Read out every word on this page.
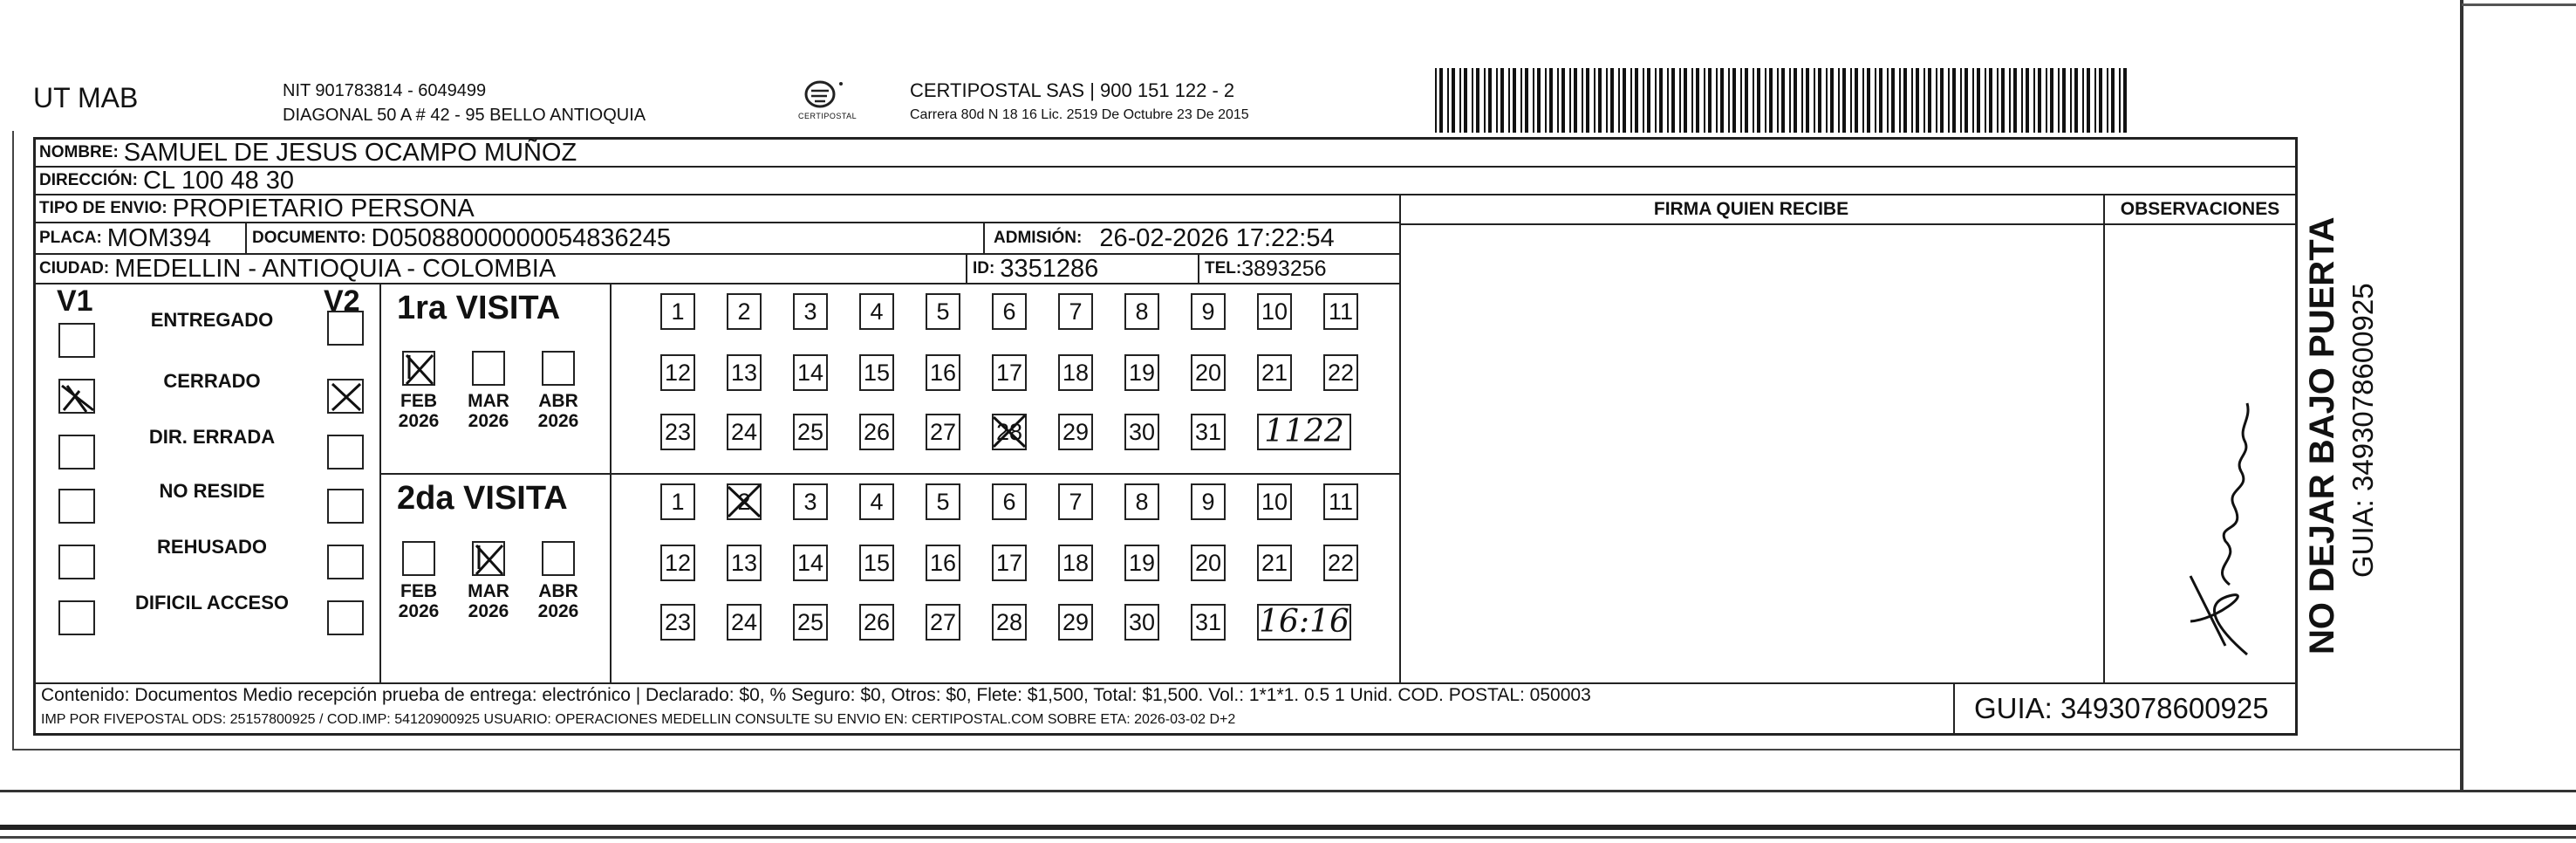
UT MAB	NIT 901783814 - 6049499
DIAGONAL 50 A # 42 - 95 BELLO ANTIOQUIA	CERTIPOSTAL
CERTIPOSTAL SAS | 900 151 122 - 2
Carrera 80d N 18 16 Lic. 2519 De Octubre 23 De 2015
NOMBRE: SAMUEL DE JESUS OCAMPO MUÑOZ
DIRECCIÓN: CL 100 48 30
TIPO DE ENVIO: PROPIETARIO PERSONA
PLACA: MOM394 DOCUMENTO: D05088000000054836245	ADMISIÓN: 26-02-2026 17:22:54
CIUDAD: MEDELLIN - ANTIOQUIA - COLOMBIA	ID: 3351286	TEL: 3893256
FIRMA QUIEN RECIBE	OBSERVACIONES
V1	V2
ENTREGADO
CERRADO
DIR. ERRADA
NO RESIDE
REHUSADO
DIFICIL ACCESO
1ra VISITA
FEB
2026
MAR
2026
ABR
2026
1	2	3	4	5	6	7	8	9	10 11
12 13 14 15 16 17 18 19 20 21 22
23 24 25 26 27 28 29 30 31 1122
2da VISITA
FEB
2026
MAR
2026
ABR
2026
1	2	3	4	5	6	7	8	9	10 11
12 13 14 15 16 17 18 19 20 21 22
23 24 25 26 27 28 29 30 31 16:16
Contenido: Documentos Medio recepción prueba de entrega: electrónico | Declarado: $0, % Seguro: $0, Otros: $0, Flete: $1,500, Total: $1,500. Vol.: 1*1*1. 0.5 1 Unid. COD. POSTAL: 050003
IMP POR FIVEPOSTAL ODS: 25157800925 / COD.IMP: 54120900925 USUARIO: OPERACIONES MEDELLIN CONSULTE SU ENVIO EN: CERTIPOSTAL.COM SOBRE ETA: 2026-03-02 D+2	GUIA: 3493078600925
NO DEJAR BAJO PUERTA GUIA: 3493078600925
